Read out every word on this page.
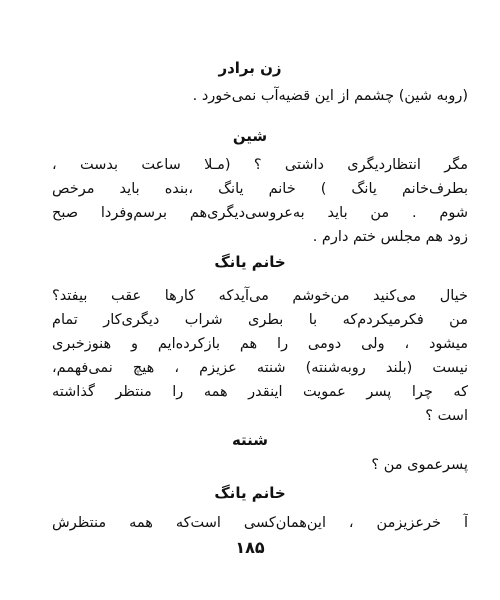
زن برادر
(روبه شین) چشمم از این قضیه‌آب نمی‌خورد .
شین
مگر انتظاردیگری داشتی ؟ (مـلا ساعت بدست ،
بطرف‌خانم یانگ ) خانم یانگ ،بنده باید مرخص
شوم . من باید به‌عروسی‌دیگری‌هم برسم‌وفردا صبح
زود هم مجلس ختم دارم .
خانم یانگ
خیال می‌کنید من‌خوشم می‌آیدکه کارها عقب بیفتد؟
من فکرمیکردم‌که با بطری شراب دیگری‌کار تمام
میشود ، ولی دومی را هم بازکرده‌ایم و هنوزخبری
نیست (بلند روبه‌شنته) شنته عزیزم ، هیچ نمی‌فهمم،
که چرا پسر عمویت اینقدر همه را منتظر گذاشته
است ؟
شنته
پسرعموی من ؟
خانم یانگ
آ خرعزیزمن ، این‌همان‌کسی است‌که همه منتظرش
۱۸۵
